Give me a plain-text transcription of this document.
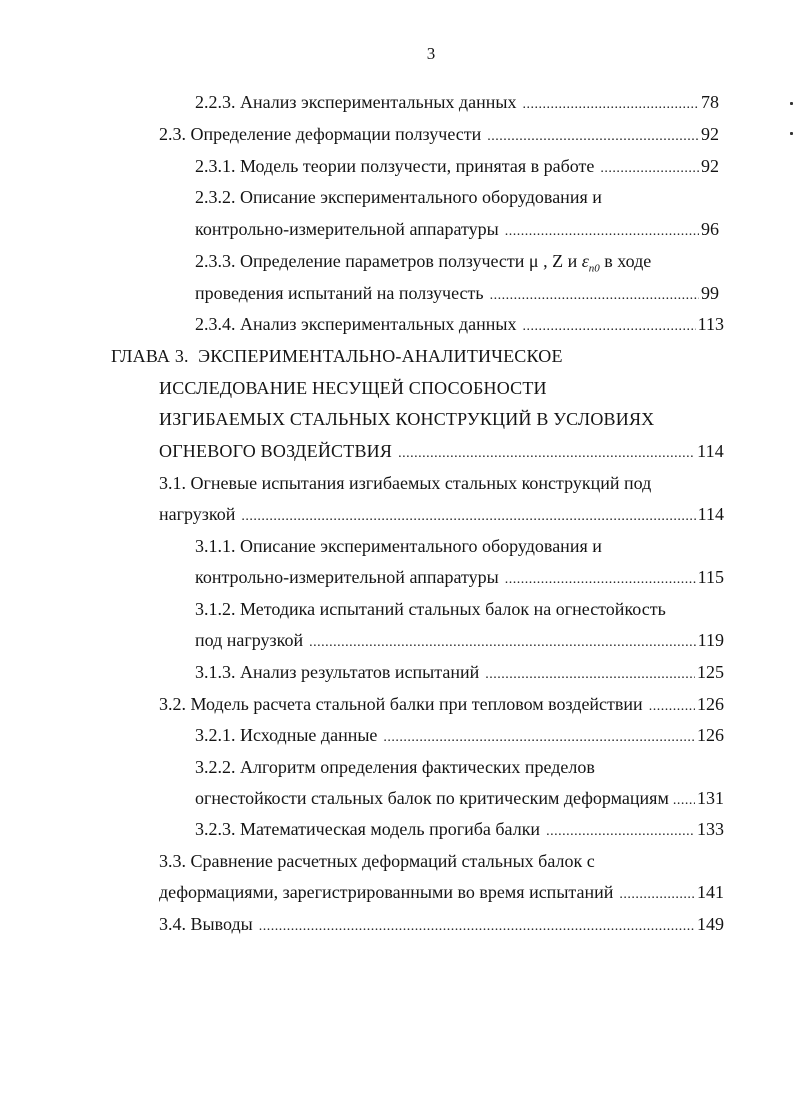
3
2.2.3. Анализ экспериментальных данных .....	78
2.3. Определение деформации ползучести .....	92
2.3.1. Модель теории ползучести, принятая в работе .....	92
2.3.2. Описание экспериментального оборудования и
контрольно-измерительной аппаратуры .....	96
2.3.3. Определение параметров ползучести μ , Z и $\varepsilon_{n0}$ в ходе
проведения испытаний на ползучесть .....	99
2.3.4. Анализ экспериментальных данных .....	113
ГЛАВА 3.  ЭКСПЕРИМЕНТАЛЬНО-АНАЛИТИЧЕСКОЕ
ИССЛЕДОВАНИЕ НЕСУЩЕЙ СПОСОБНОСТИ
ИЗГИБАЕМЫХ СТАЛЬНЫХ КОНСТРУКЦИЙ В УСЛОВИЯХ
ОГНЕВОГО ВОЗДЕЙСТВИЯ .....	114
3.1. Огневые испытания изгибаемых стальных конструкций под
нагрузкой .....	114
3.1.1. Описание экспериментального оборудования и
контрольно-измерительной аппаратуры .....	115
3.1.2. Методика испытаний стальных балок на огнестойкость
под нагрузкой .....	119
3.1.3. Анализ результатов испытаний .....	125
3.2. Модель расчета стальной балки при тепловом воздействии .....	126
3.2.1. Исходные данные .....	126
3.2.2. Алгоритм определения фактических пределов
огнестойкости стальных балок по критическим деформациям ..... 131
3.2.3. Математическая модель прогиба балки .....	133
3.3. Сравнение расчетных деформаций стальных балок с
деформациями, зарегистрированными во время испытаний .....	141
3.4. Выводы .....	149
